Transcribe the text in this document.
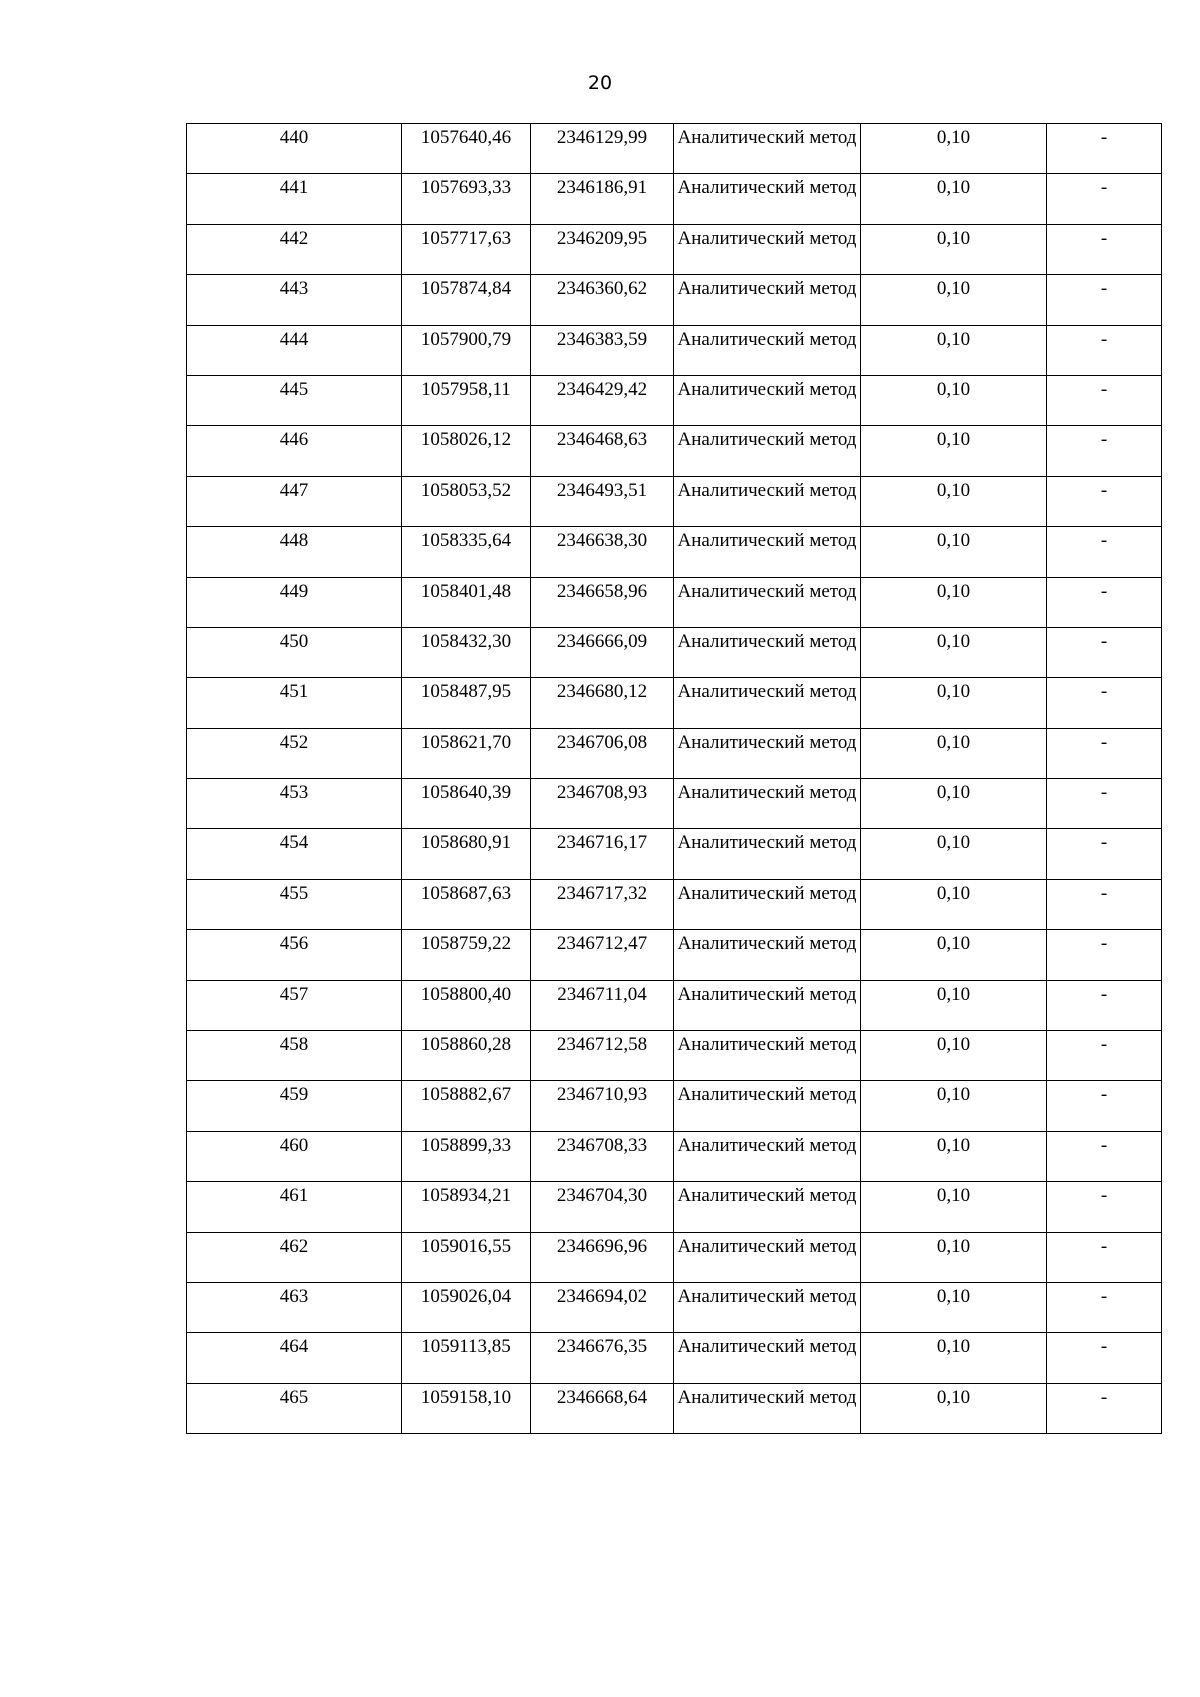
20
440	1057640,46	2346129,99	Аналитический метод	0,10	-
441	1057693,33	2346186,91	Аналитический метод	0,10	-
442	1057717,63	2346209,95	Аналитический метод	0,10	-
443	1057874,84	2346360,62	Аналитический метод	0,10	-
444	1057900,79	2346383,59	Аналитический метод	0,10	-
445	1057958,11	2346429,42	Аналитический метод	0,10	-
446	1058026,12	2346468,63	Аналитический метод	0,10	-
447	1058053,52	2346493,51	Аналитический метод	0,10	-
448	1058335,64	2346638,30	Аналитический метод	0,10	-
449	1058401,48	2346658,96	Аналитический метод	0,10	-
450	1058432,30	2346666,09	Аналитический метод	0,10	-
451	1058487,95	2346680,12	Аналитический метод	0,10	-
452	1058621,70	2346706,08	Аналитический метод	0,10	-
453	1058640,39	2346708,93	Аналитический метод	0,10	-
454	1058680,91	2346716,17	Аналитический метод	0,10	-
455	1058687,63	2346717,32	Аналитический метод	0,10	-
456	1058759,22	2346712,47	Аналитический метод	0,10	-
457	1058800,40	2346711,04	Аналитический метод	0,10	-
458	1058860,28	2346712,58	Аналитический метод	0,10	-
459	1058882,67	2346710,93	Аналитический метод	0,10	-
460	1058899,33	2346708,33	Аналитический метод	0,10	-
461	1058934,21	2346704,30	Аналитический метод	0,10	-
462	1059016,55	2346696,96	Аналитический метод	0,10	-
463	1059026,04	2346694,02	Аналитический метод	0,10	-
464	1059113,85	2346676,35	Аналитический метод	0,10	-
465	1059158,10	2346668,64	Аналитический метод	0,10	-
